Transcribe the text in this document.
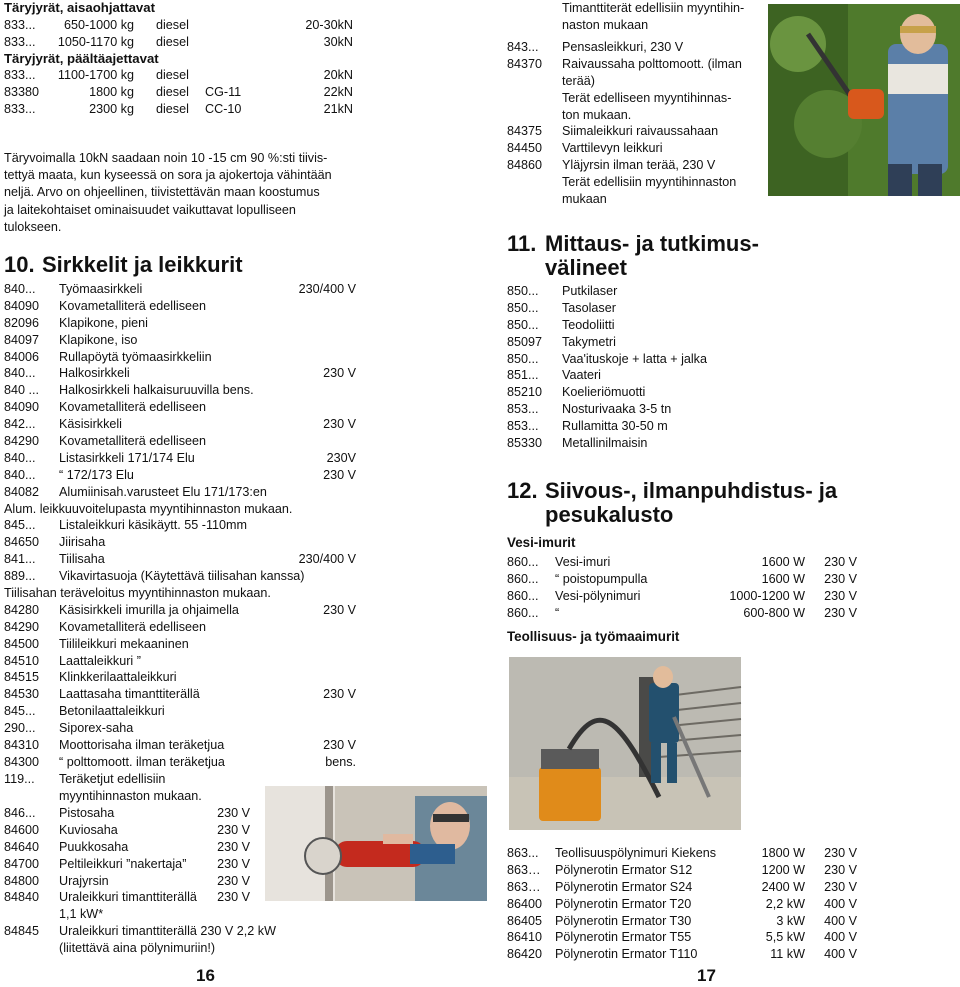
Täryjyrät, aisaohjattavat
833...	650-1000 kg	diesel	20-30kN
833...	1050-1170 kg	diesel	30kN
Täryjyrät, päältäajettavat
833...	1100-1700 kg	diesel	20kN
83380	1800 kg	diesel	CG-11	22kN
833...	2300 kg	diesel	CC-10	21kN
Täryvoimalla 10kN saadaan noin 10 -15 cm 90 %:sti tiivis-
tettyä maata, kun kyseessä on sora ja ajokertoja vähintään
neljä. Arvo on ohjeellinen, tiivistettävän maan koostumus
ja laitekohtaiset ominaisuudet vaikuttavat lopulliseen
tulokseen.
10. Sirkkelit ja leikkurit
840...	Työmaasirkkeli	230/400 V
84090	Kovametalliterä edelliseen
82096	Klapikone, pieni
84097	Klapikone, iso
84006	Rullapöytä työmaasirkkeliin
840...	Halkosirkkeli	230 V
840 ...	Halkosirkkeli halkaisuruuvilla bens.
84090	Kovametalliterä edelliseen
842...	Käsisirkkeli	230 V
84290	Kovametalliterä edelliseen
840...	Listasirkkeli 171/174 Elu	230V
840...	“ 172/173 Elu	230 V
84082	Alumiinisah.varusteet Elu 171/173:en
Alum. leikkuuvoitelupasta myyntihinnaston mukaan.
845...	Listaleikkuri käsikäytt. 55 -110mm
84650	Jiirisaha
841...	Tiilisaha	230/400 V
889...	Vikavirtasuoja (Käytettävä tiilisahan kanssa)
Tiilisahan teräveloitus myyntihinnaston mukaan.
84280	Käsisirkkeli imurilla ja ohjaimella	230 V
84290	Kovametalliterä edelliseen
84500	Tiilileikkuri mekaaninen
84510	Laattaleikkuri ”
84515	Klinkkerilaattaleikkuri
84530	Laattasaha timanttiterällä	230 V
845...	Betonilaattaleikkuri
290...	Siporex-saha
84310	Moottorisaha ilman teräketjua	230 V
84300	“ polttomoott. ilman teräketjua	bens.
119...	Teräketjut edellisiin
myyntihinnaston mukaan.
846...	Pistosaha	230 V
84600	Kuviosaha	230 V
84640	Puukkosaha	230 V
84700	Peltileikkuri ”nakertaja”	230 V
84800	Urajyrsin	230 V
84840	Uraleikkuri timanttiterällä	230 V
1,1 kW*
84845	Uraleikkuri timanttiterällä 230 V 2,2 kW
(liitettävä aina pölynimuriin!)
16
Timanttiterät edellisiin myyntihin-
naston mukaan
843...	Pensasleikkuri, 230 V
84370	Raivaussaha polttomoott. (ilman
terää)
Terät edelliseen myyntihinnas-
ton mukaan.
84375	Siimaleikkuri raivaussahaan
84450	Varttilevyn leikkuri
84860	Yläjyrsin ilman terää, 230 V
Terät edellisiin myyntihinnaston
mukaan
11. Mittaus- ja tutkimus-
välineet
850...	Putkilaser
850...	Tasolaser
850...	Teodoliitti
85097	Takymetri
850...	Vaa'ituskoje + latta + jalka
851...	Vaateri
85210	Koelieriömuotti
853...	Nosturivaaka 3-5 tn
853...	Rullamitta 30-50 m
85330	Metallinilmaisin
12. Siivous-, ilmanpuhdistus- ja
pesukalusto
Vesi-imurit
860...	Vesi-imuri	1600 W	230 V
860...	“ poistopumpulla	1600 W	230 V
860...	Vesi-pölynimuri	1000-1200 W	230 V
860...	“	600-800 W	230 V
Teollisuus- ja työmaaimurit
863...	Teollisuuspölynimuri Kiekens	1800 W	230 V
863…	Pölynerotin Ermator S12	1200 W	230 V
863…	Pölynerotin Ermator S24	2400 W	230 V
86400	Pölynerotin Ermator T20	2,2 kW	400 V
86405	Pölynerotin Ermator T30	3 kW	400 V
86410	Pölynerotin Ermator T55	5,5 kW	400 V
86420	Pölynerotin Ermator T110	11 kW	400 V
17
